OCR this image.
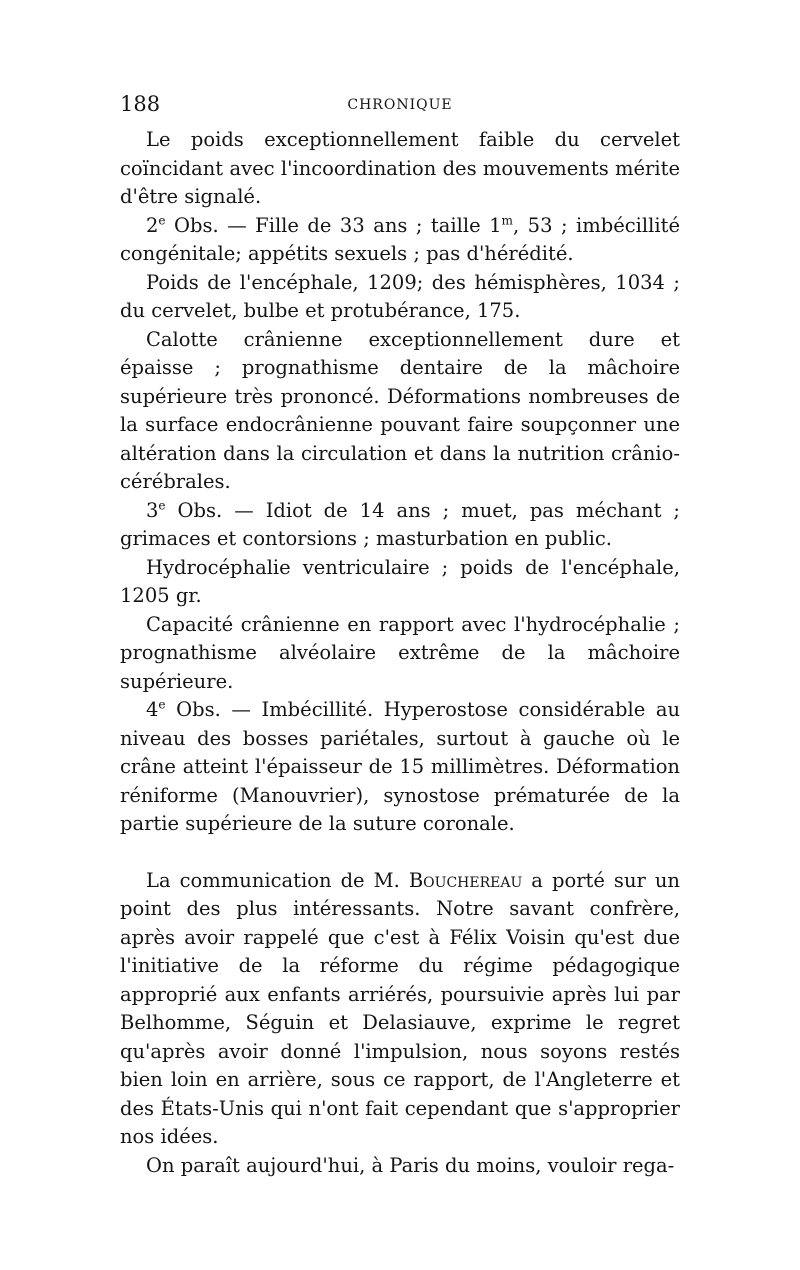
188	CHRONIQUE

Le poids exceptionnellement faible du cervelet coïncidant avec l'incoordination des mouvements mérite d'être signalé.

2e Obs. — Fille de 33 ans ; taille 1$^m$, 53 ; imbécillité congénitale; appétits sexuels ; pas d'hérédité.

Poids de l'encéphale, 1209; des hémisphères, 1034 ; du cervelet, bulbe et protubérance, 175.

Calotte crânienne exceptionnellement dure et épaisse ; prognathisme dentaire de la mâchoire supérieure très prononcé. Déformations nombreuses de la surface endocrânienne pouvant faire soupçonner une altération dans la circulation et dans la nutrition crânio-cérébrales.

3e Obs. — Idiot de 14 ans ; muet, pas méchant ; grimaces et contorsions ; masturbation en public.

Hydrocéphalie ventriculaire ; poids de l'encéphale, 1205 gr.

Capacité crânienne en rapport avec l'hydrocéphalie ; prognathisme alvéolaire extrême de la mâchoire supérieure.

4e Obs. — Imbécillité. Hyperostose considérable au niveau des bosses pariétales, surtout à gauche où le crâne atteint l'épaisseur de 15 millimètres. Déformation réniforme (Manouvrier), synostose prématurée de la partie supérieure de la suture coronale.

La communication de M. Bouchereau a porté sur un point des plus intéressants. Notre savant confrère, après avoir rappelé que c'est à Félix Voisin qu'est due l'initiative de la réforme du régime pédagogique approprié aux enfants arriérés, poursuivie après lui par Belhomme, Séguin et Delasiauve, exprime le regret qu'après avoir donné l'impulsion, nous soyons restés bien loin en arrière, sous ce rapport, de l'Angleterre et des États-Unis qui n'ont fait cependant que s'approprier nos idées.

On paraît aujourd'hui, à Paris du moins, vouloir rega-
